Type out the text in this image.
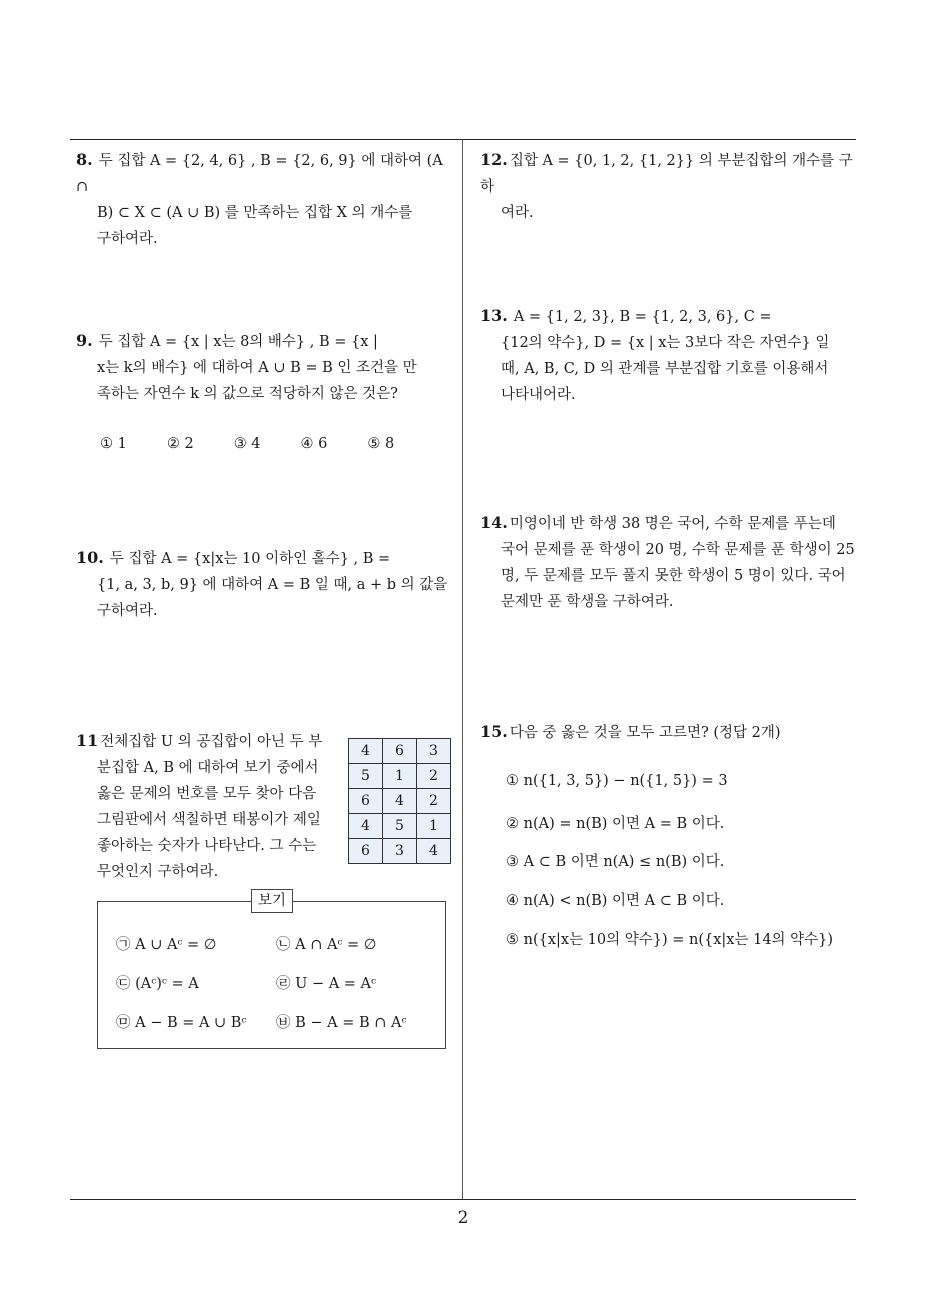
8. 두 집합 A = {2, 4, 6} , B = {2, 6, 9} 에 대하여 (A ∩
B) ⊂ X ⊂ (A ∪ B) 를 만족하는 집합 X 의 개수를
구하여라.
9. 두 집합 A = {x | x는 8의 배수} , B = {x |
x는 k의 배수} 에 대하여 A ∪ B = B 인 조건을 만
족하는 자연수 k 의 값으로 적당하지 않은 것은?
① 1	② 2	③ 4	④ 6	⑤ 8
10. 두 집합 A = {x|x는 10 이하인 홀수} , B =
{1, a, 3, b, 9} 에 대하여 A = B 일 때, a + b 의 값을
구하여라.
11 전체집합 U 의 공집합이 아닌 두 부
분집합 A, B 에 대하여 보기 중에서
옳은 문제의 번호를 모두 찾아 다음
그림판에서 색칠하면 태봉이가 제일
좋아하는 숫자가 나타난다. 그 수는
무엇인지 구하여라.
4	6	3
5	1	2
6	4	2
4	5	1
6	3	4
보기
㉠ A ∪ Aᶜ = ∅	㉡ A ∩ Aᶜ = ∅
㉢ (Aᶜ)ᶜ = A	㉣ U − A = Aᶜ
㉤ A − B = A ∪ Bᶜ ㉥ B − A = B ∩ Aᶜ
12. 집합 A = {0, 1, 2, {1, 2}} 의 부분집합의 개수를 구하
여라.
13. A = {1, 2, 3}, B = {1, 2, 3, 6}, C =
{12의 약수}, D = {x | x는 3보다 작은 자연수} 일
때, A, B, C, D 의 관계를 부분집합 기호를 이용해서
나타내어라.
14. 미영이네 반 학생 38 명은 국어, 수학 문제를 푸는데
국어 문제를 푼 학생이 20 명, 수학 문제를 푼 학생이 25
명, 두 문제를 모두 풀지 못한 학생이 5 명이 있다. 국어
문제만 푼 학생을 구하여라.
15. 다음 중 옳은 것을 모두 고르면? (정답 2개)
① n({1, 3, 5}) − n({1, 5}) = 3
② n(A) = n(B) 이면 A = B 이다.
③ A ⊂ B 이면 n(A) ≤ n(B) 이다.
④ n(A) < n(B) 이면 A ⊂ B 이다.
⑤ n({x|x는 10의 약수}) = n({x|x는 14의 약수})
2
